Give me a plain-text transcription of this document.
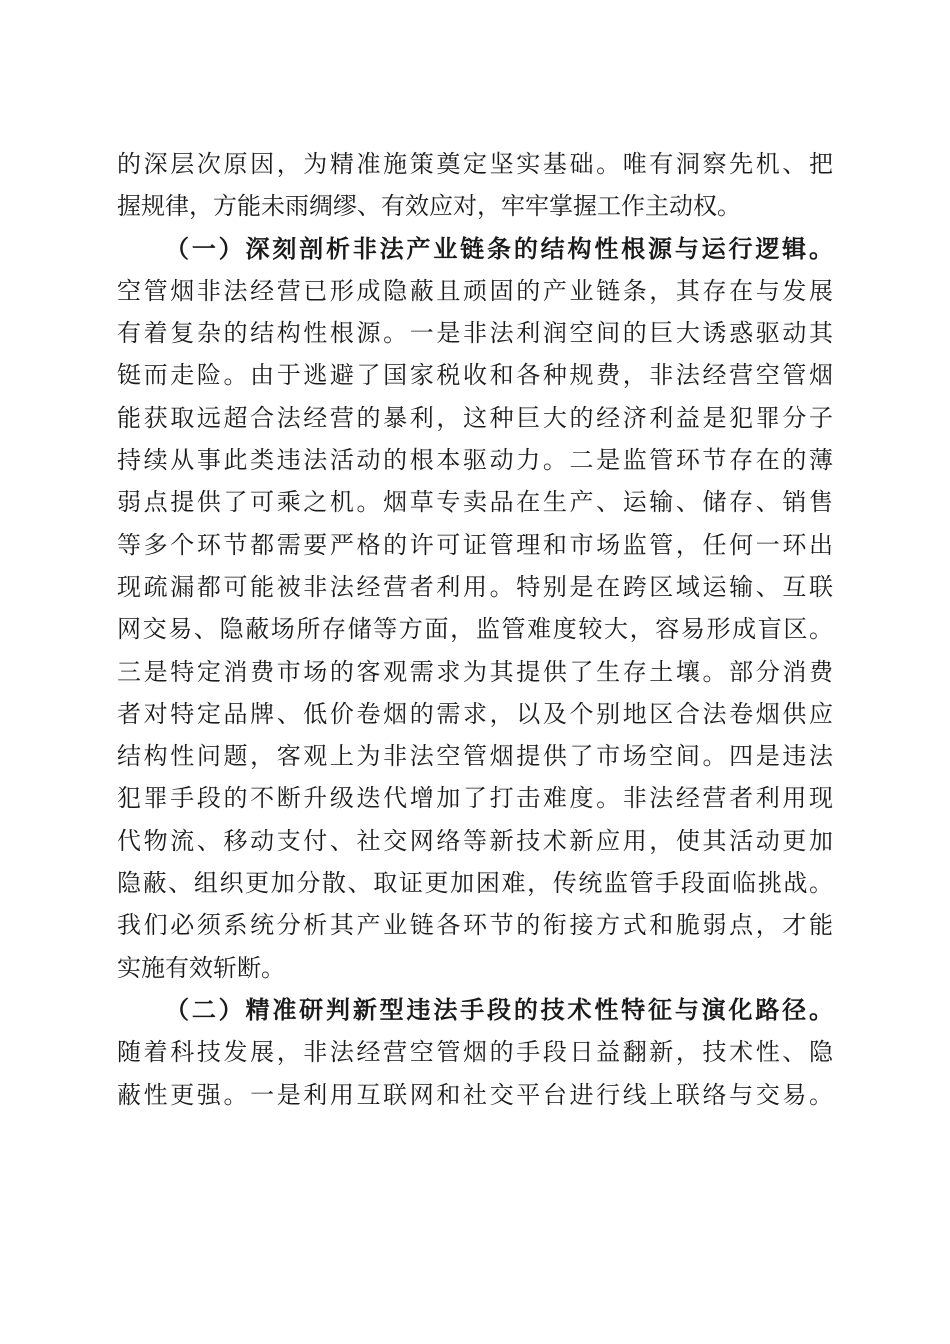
的深层次原因，为精准施策奠定坚实基础。唯有洞察先机、把
握规律，方能未雨绸缪、有效应对，牢牢掌握工作主动权。
（一）深刻剖析非法产业链条的结构性根源与运行逻辑。
空管烟非法经营已形成隐蔽且顽固的产业链条，其存在与发展
有着复杂的结构性根源。一是非法利润空间的巨大诱惑驱动其
铤而走险。由于逃避了国家税收和各种规费，非法经营空管烟
能获取远超合法经营的暴利，这种巨大的经济利益是犯罪分子
持续从事此类违法活动的根本驱动力。二是监管环节存在的薄
弱点提供了可乘之机。烟草专卖品在生产、运输、储存、销售
等多个环节都需要严格的许可证管理和市场监管，任何一环出
现疏漏都可能被非法经营者利用。特别是在跨区域运输、互联
网交易、隐蔽场所存储等方面，监管难度较大，容易形成盲区。
三是特定消费市场的客观需求为其提供了生存土壤。部分消费
者对特定品牌、低价卷烟的需求，以及个别地区合法卷烟供应
结构性问题，客观上为非法空管烟提供了市场空间。四是违法
犯罪手段的不断升级迭代增加了打击难度。非法经营者利用现
代物流、移动支付、社交网络等新技术新应用，使其活动更加
隐蔽、组织更加分散、取证更加困难，传统监管手段面临挑战。
我们必须系统分析其产业链各环节的衔接方式和脆弱点，才能
实施有效斩断。
（二）精准研判新型违法手段的技术性特征与演化路径。
随着科技发展，非法经营空管烟的手段日益翻新，技术性、隐
蔽性更强。一是利用互联网和社交平台进行线上联络与交易。
